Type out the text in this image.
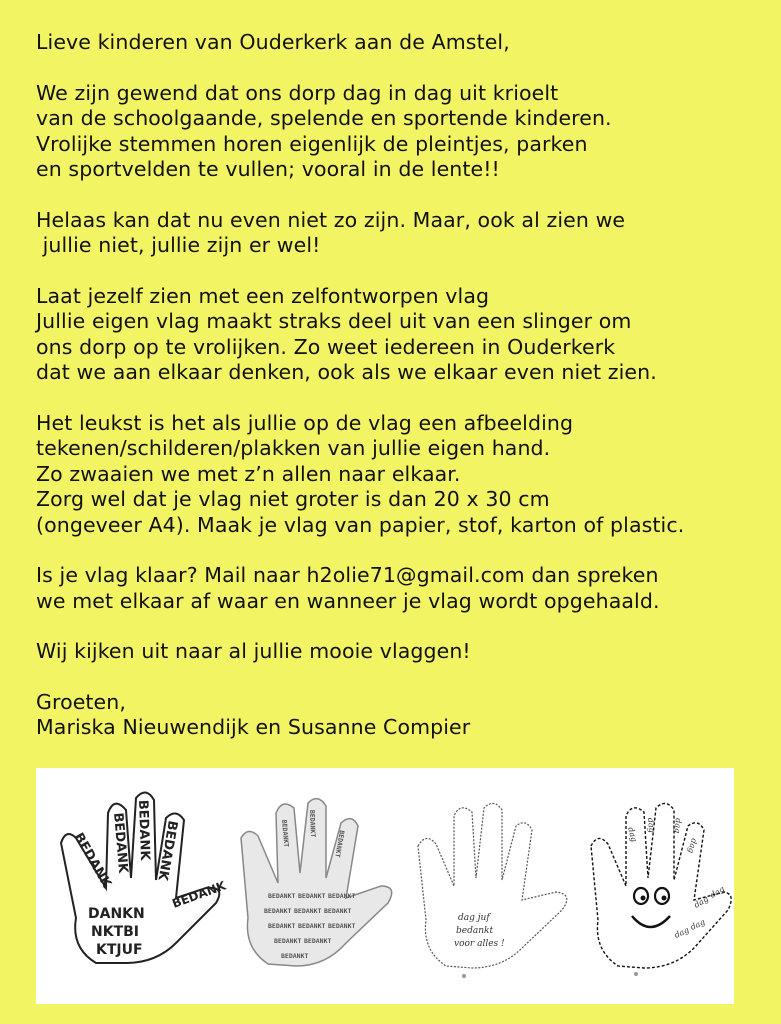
Lieve kinderen van Ouderkerk aan de Amstel,
We zijn gewend dat ons dorp dag in dag uit krioelt
van de schoolgaande, spelende en sportende kinderen.
Vrolijke stemmen horen eigenlijk de pleintjes, parken
en sportvelden te vullen; vooral in de lente!!
Helaas kan dat nu even niet zo zijn. Maar, ook al zien we
jullie niet, jullie zijn er wel!
Laat jezelf zien met een zelfontworpen vlag
Jullie eigen vlag maakt straks deel uit van een slinger om
ons dorp op te vrolijken. Zo weet iedereen in Ouderkerk
dat we aan elkaar denken, ook als we elkaar even niet zien.
Het leukst is het als jullie op de vlag een afbeelding
tekenen/schilderen/plakken van jullie eigen hand.
Zo zwaaien we met z’n allen naar elkaar.
Zorg wel dat je vlag niet groter is dan 20 x 30 cm
(ongeveer A4). Maak je vlag van papier, stof, karton of plastic.
Is je vlag klaar? Mail naar h2olie71@gmail.com dan spreken
we met elkaar af waar en wanneer je vlag wordt opgehaald.
Wij kijken uit naar al jullie mooie vlaggen!
Groeten,
Mariska Nieuwendijk en Susanne Compier
BEDANK
BEDANK BEDANK BEDANK
DANKN
NKTBI
KTJUF
BEDANK	BEDANKT BEDANKT BEDANKT
BEDANKT BEDANKT BEDANKT
BEDANKT BEDANKT BEDANKT
BEDANKT BEDANKT
BEDANKT
BEDANKT	BEDANKT
BEDANKT
dag juf
bedankt
voor alles !
dag
dag dag
dag
dag
dag
dag
dag
